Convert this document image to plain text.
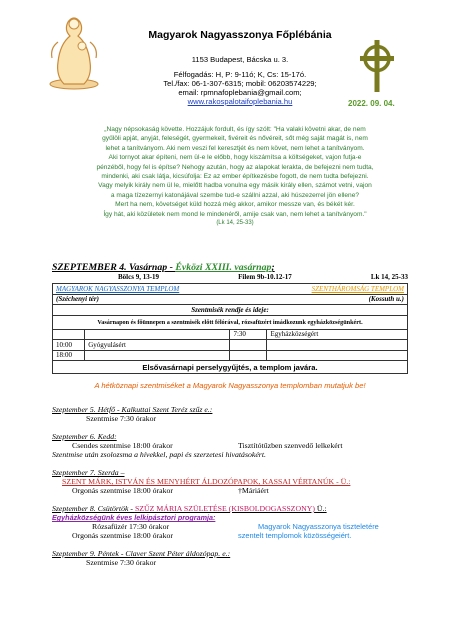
Magyarok Nagyasszonya Főplébánia
1153 Budapest, Bácska u. 3.
Félfogadás: H, P: 9-11ó; K, Cs: 15-17ó.
Tel./fax: 06-1-307-6315; mobil: 06203574229;
email: rpmnafoplebania@gmail.com;
www.rakospalotaifoplebania.hu	2022. 09. 04.
„Nagy népsokaság követte. Hozzájuk fordult, és így szólt: "Ha valaki követni akar, de nem
gyűlöli apját, anyját, feleségét, gyermekeit, fivéreit és nővéreit, sőt még saját magát is, nem
lehet a tanítványom. Aki nem veszi fel keresztjét és nem követ, nem lehet a tanítványom.
Aki tornyot akar építeni, nem ül-e le előbb, hogy kiszámítsa a költségeket, vajon futja-e
pénzéből, hogy fel is építse? Nehogy azután, hogy az alapokat lerakta, de befejezni nem tudta,
mindenki, aki csak látja, kicsúfolja: Ez az ember építkezésbe fogott, de nem tudta befejezni.
Vagy melyik király nem ül le, mielőtt hadba vonulna egy másik király ellen, számot vetni, vajon
a maga tízezernyi katonájával szembe tud-e szállni azzal, aki húszezerrel jön ellene?
Mert ha nem, követséget küld hozzá még akkor, amikor messze van, és békét kér.
Így hát, aki közületek nem mond le mindenéről, amije csak van, nem lehet a tanítványom."
(Lk 14, 25-33)
SZEPTEMBER 4. Vasárnap - Évközi XXIII. vasárnap;
Bölcs 9, 13-19	Filem 9b-10.12-17	Lk 14, 25-33
MAGYAROK NAGYASSZONYA TEMPLOM		SZENTHÁROMSÁG TEMPLOM	
(Széchenyi tér)		(Kossuth u.)	
Szentmisék rendje és ideje:			
Vasárnapon és főünnepen a szentmisék előtt félórával, rózsafüzért imádkozunk egyházközségünkért.			
		7:30	Egyházközségért
10:00	Gyógyulásért		
18:00			
Elsővasárnapi perselygyűjtés, a templom javára.			
A hétköznapi szentmiséket a Magyarok Nagyasszonya templomban mutatjuk be!
Szeptember 5. Hétfő - Kalkuttai Szent Teréz szűz e.:
Szentmise 7:30 órakor
Szeptember 6. Kedd:
Csendes szentmise 18:00 órakor	Tisztítótűzben szenvedő lelkekért
Szentmise után zsolozsma a hívekkel, papi és szerzetesi hivatásokért.
Szeptember 7. Szerda –
SZENT MÁRK, ISTVÁN ÉS MENYHÉRT ÁLDOZÓPAPOK, KASSAI VÉRTANÚK - Ü.:
Orgonás szentmise 18:00 órakor	†Máriáért
Szeptember 8. Csütörtök - SZŰZ MÁRIA SZÜLETÉSE (KISBOLDOGASSZONY) Ü.:
Egyházközségünk éves lelkipásztori programja:
Rózsafüzér 17:30 órakor	Magyarok Nagyasszonya tiszteletére
Orgonás szentmise 18:00 órakor	szentelt templomok közösségeiért.
Szeptember 9. Péntek - Claver Szent Péter áldozópap. e.:
Szentmise 7:30 órakor
